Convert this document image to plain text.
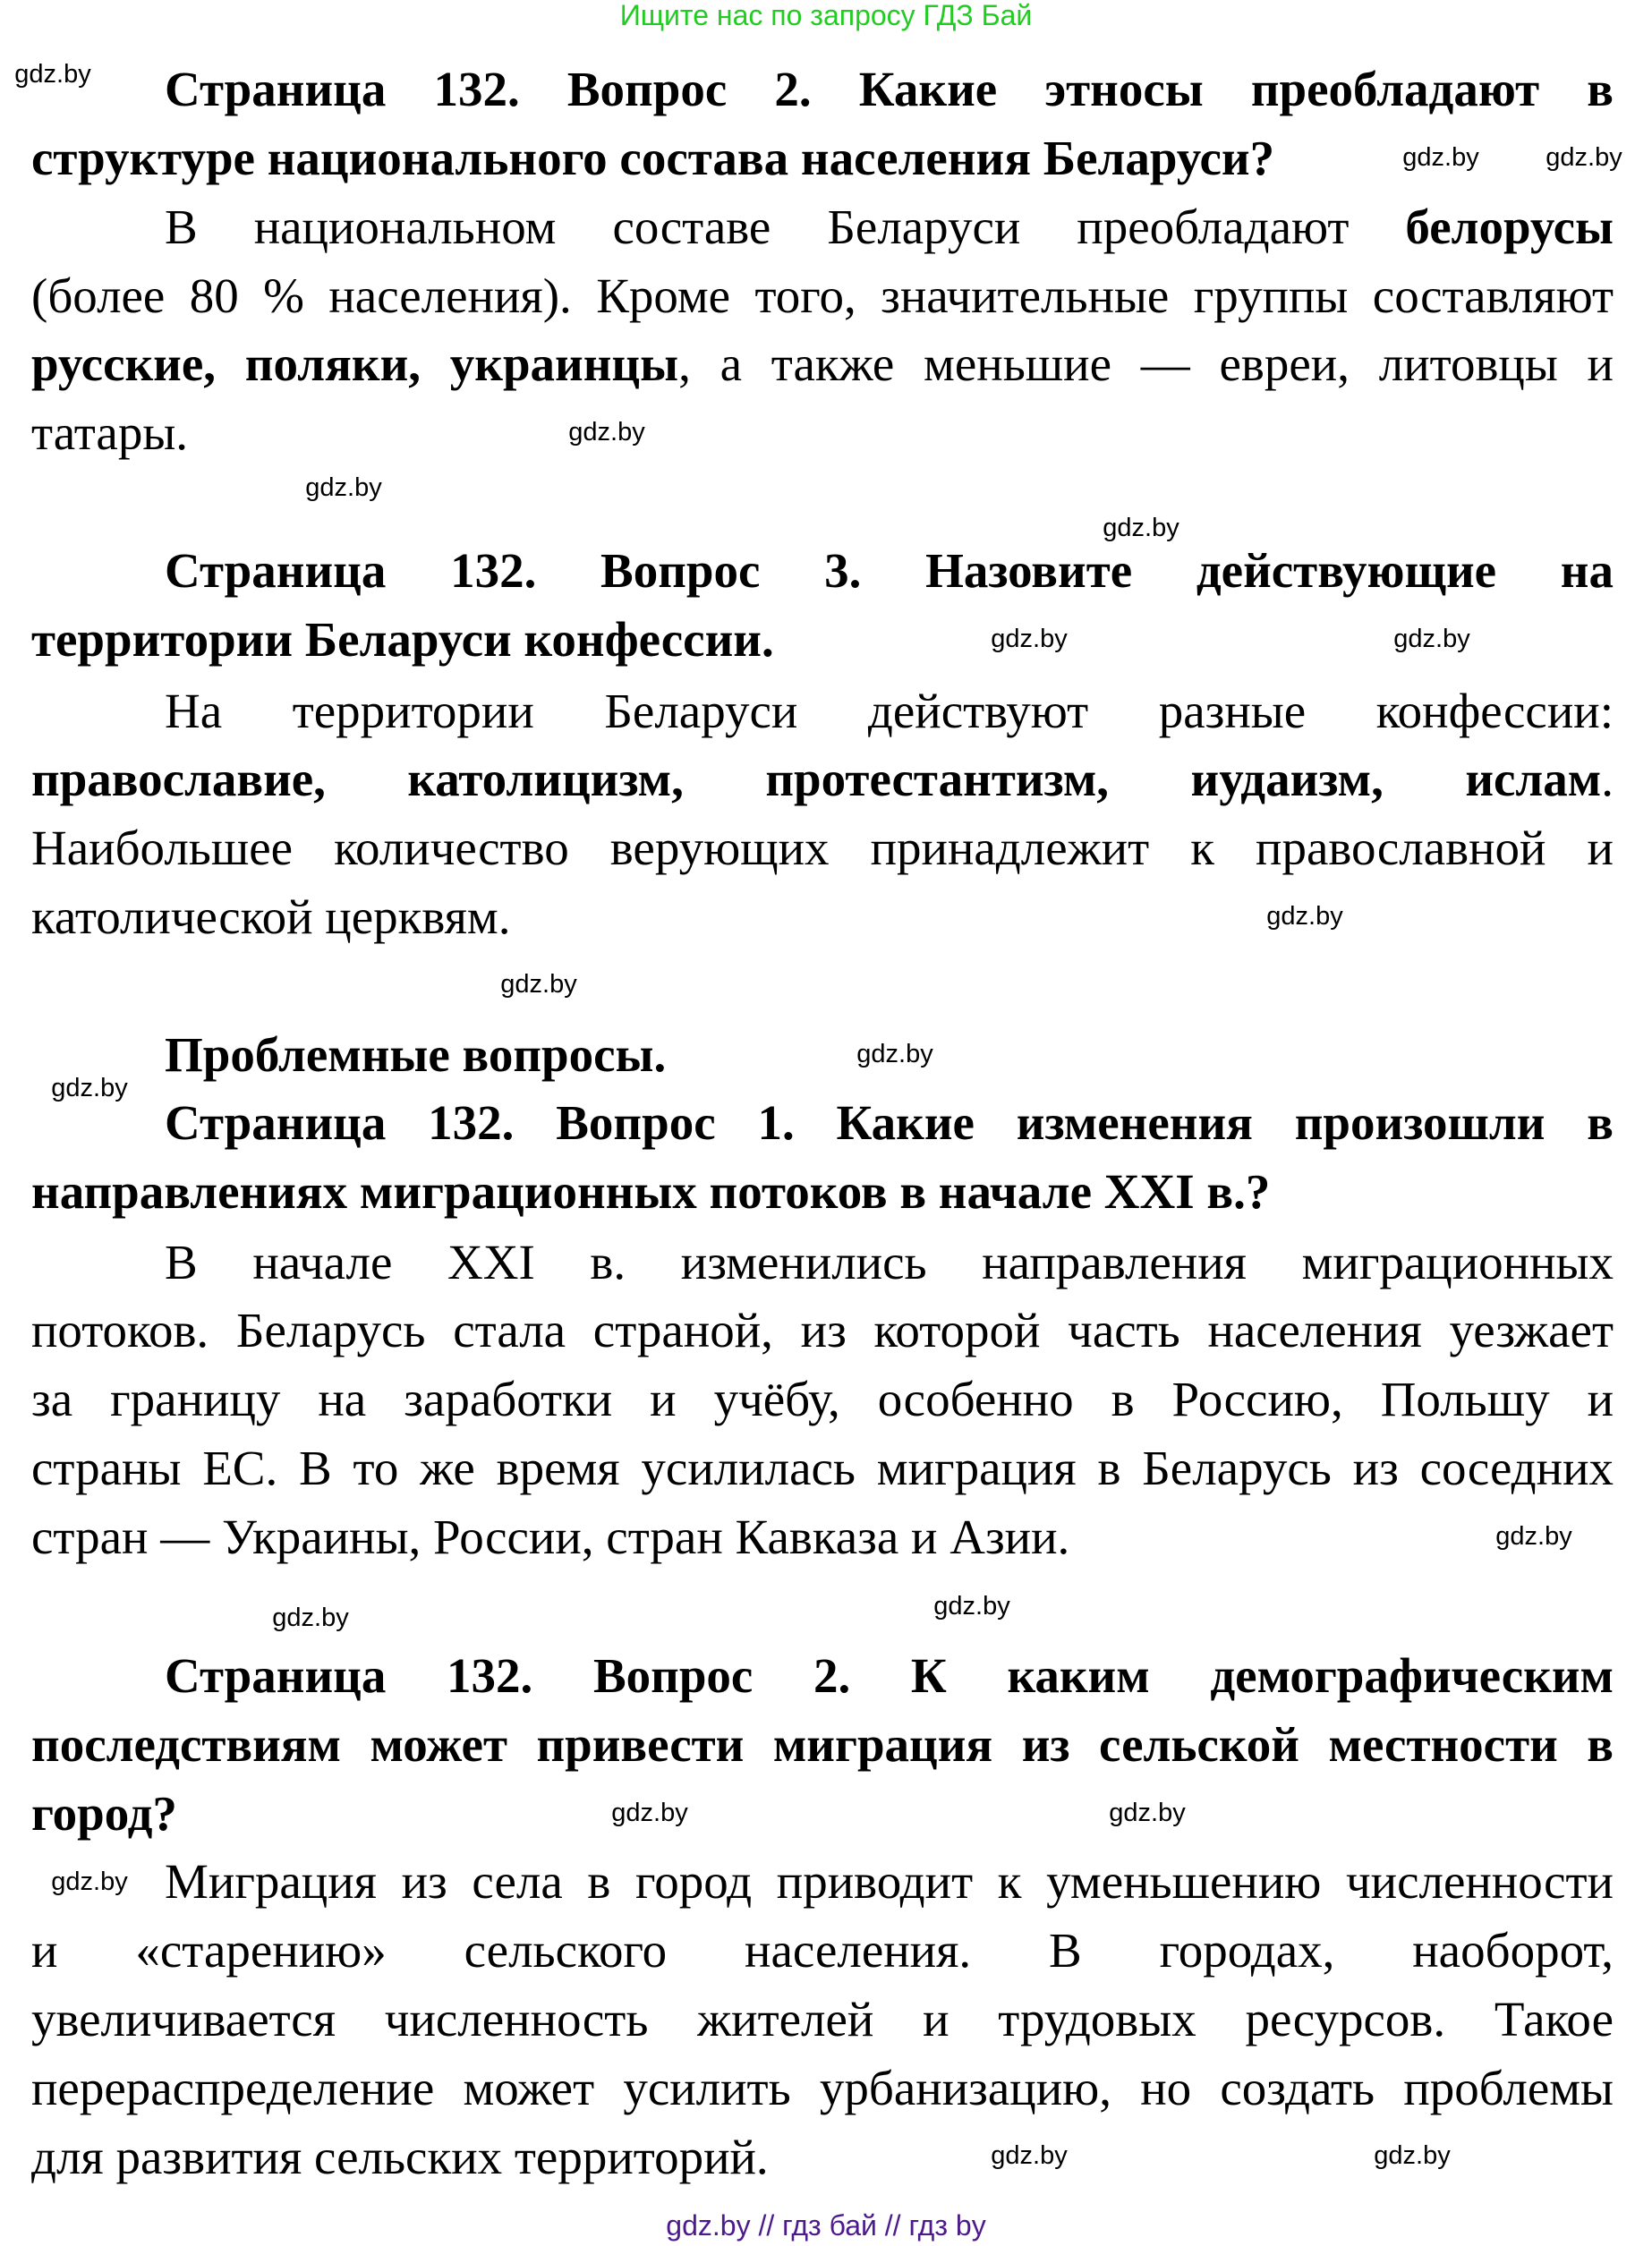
Ищите нас по запросу ГДЗ Бай
Страница 132. Вопрос 2. Какие этносы преобладают в
структуре национального состава населения Беларуси?
В национальном составе Беларуси преобладают белорусы
(более 80 % населения). Кроме того, значительные группы составляют
русские, поляки, украинцы, а также меньшие — евреи, литовцы и
татары.
Страница 132. Вопрос 3. Назовите действующие на
территории Беларуси конфессии.
На территории Беларуси действуют разные конфессии:
православие, католицизм, протестантизм, иудаизм, ислам.
Наибольшее количество верующих принадлежит к православной и
католической церквям.
Проблемные вопросы.
Страница 132. Вопрос 1. Какие изменения произошли в
направлениях миграционных потоков в начале XXI в.?
В начале XXI в. изменились направления миграционных
потоков. Беларусь стала страной, из которой часть населения уезжает
за границу на заработки и учёбу, особенно в Россию, Польшу и
страны ЕС. В то же время усилилась миграция в Беларусь из соседних
стран — Украины, России, стран Кавказа и Азии.
Страница 132. Вопрос 2. К каким демографическим
последствиям может привести миграция из сельской местности в
город?
Миграция из села в город приводит к уменьшению численности
и «старению» сельского населения. В городах, наоборот,
увеличивается численность жителей и трудовых ресурсов. Такое
перераспределение может усилить урбанизацию, но создать проблемы
для развития сельских территорий.
gdz.by
gdz.by	gdz.by
gdz.by
gdz.by
gdz.by
gdz.by	gdz.by
gdz.by
gdz.by
gdz.by
gdz.by
gdz.by
gdz.by
gdz.by
gdz.by	gdz.by
gdz.by
gdz.by	gdz.by
gdz.by // гдз бай // гдз by
